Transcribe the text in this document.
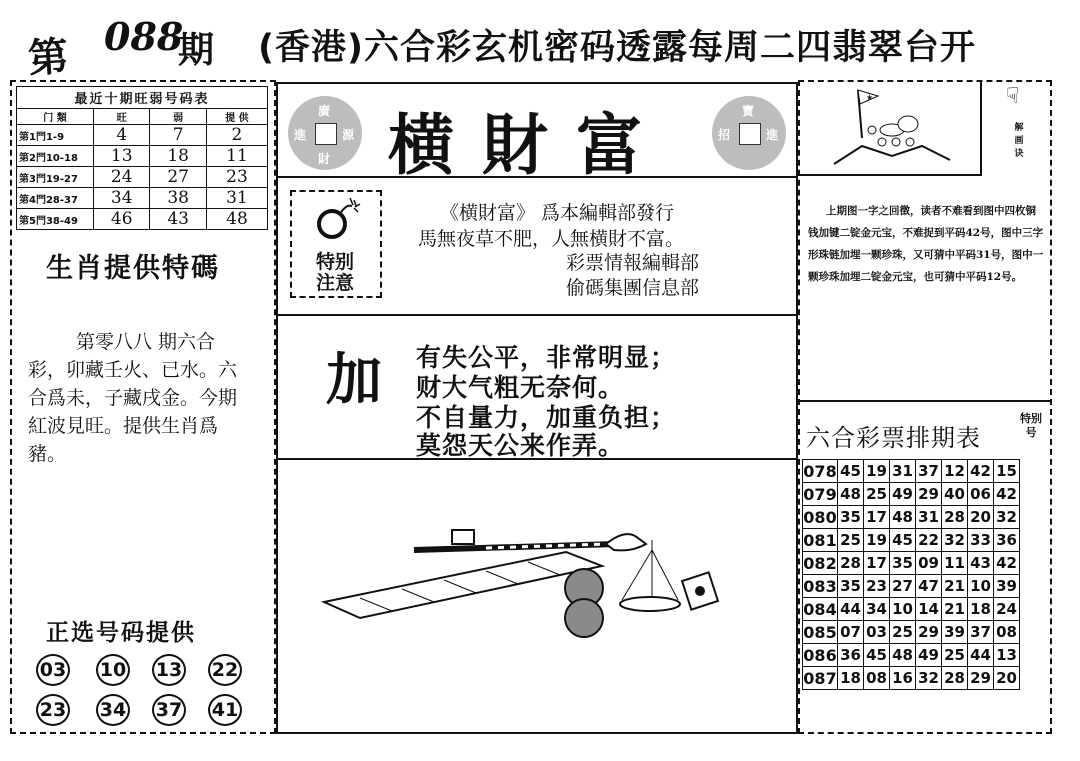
第 088
期 (香港)六合彩玄机密码透露每周二四翡翠台开
最近十期旺弱号码表
门 類	旺	弱	提 供
第1門1-9	4	7	2
第2門10-18	13	18	11
第3門19-27	24	27	23
第4門28-37	34	38	31
第5門38-49	46	43	48
生肖提供特碼
第零八八 期六合彩，卯藏壬火、已水。六合爲未，子藏戌金。今期紅波見旺。提供生肖爲豬。
正选号码提供
03 10 13 22
23 34 37 41
廣
進	源
財 横財富	寶
招	進
特别
注意
《横財富》 爲本編輯部發行
馬無夜草不肥，人無横財不富。
彩票情報編輯部
偷碼集團信息部
加 有失公平，非常明显；
财大气粗无奈何。
不自量力，加重负担；
莫怨天公来作弄。
★	☟
解画诀
上期图一字之回徴，读者不难看到图中四枚铜钱加键二锭金元宝，不难捉到平码42号，图中三字形珠链加埋一颗珍珠，又可猜中平码31号，图中一颗珍珠加埋二锭金元宝，也可猜中平码12号。
六合彩票排期表
特别号
078	45	19	31	37	12	42	15
079	48	25	49	29	40	06	42
080	35	17	48	31	28	20	32
081	25	19	45	22	32	33	36
082	28	17	35	09	11	43	42
083	35	23	27	47	21	10	39
084	44	34	10	14	21	18	24
085	07	03	25	29	39	37	08
086	36	45	48	49	25	44	13
087	18	08	16	32	28	29	20
